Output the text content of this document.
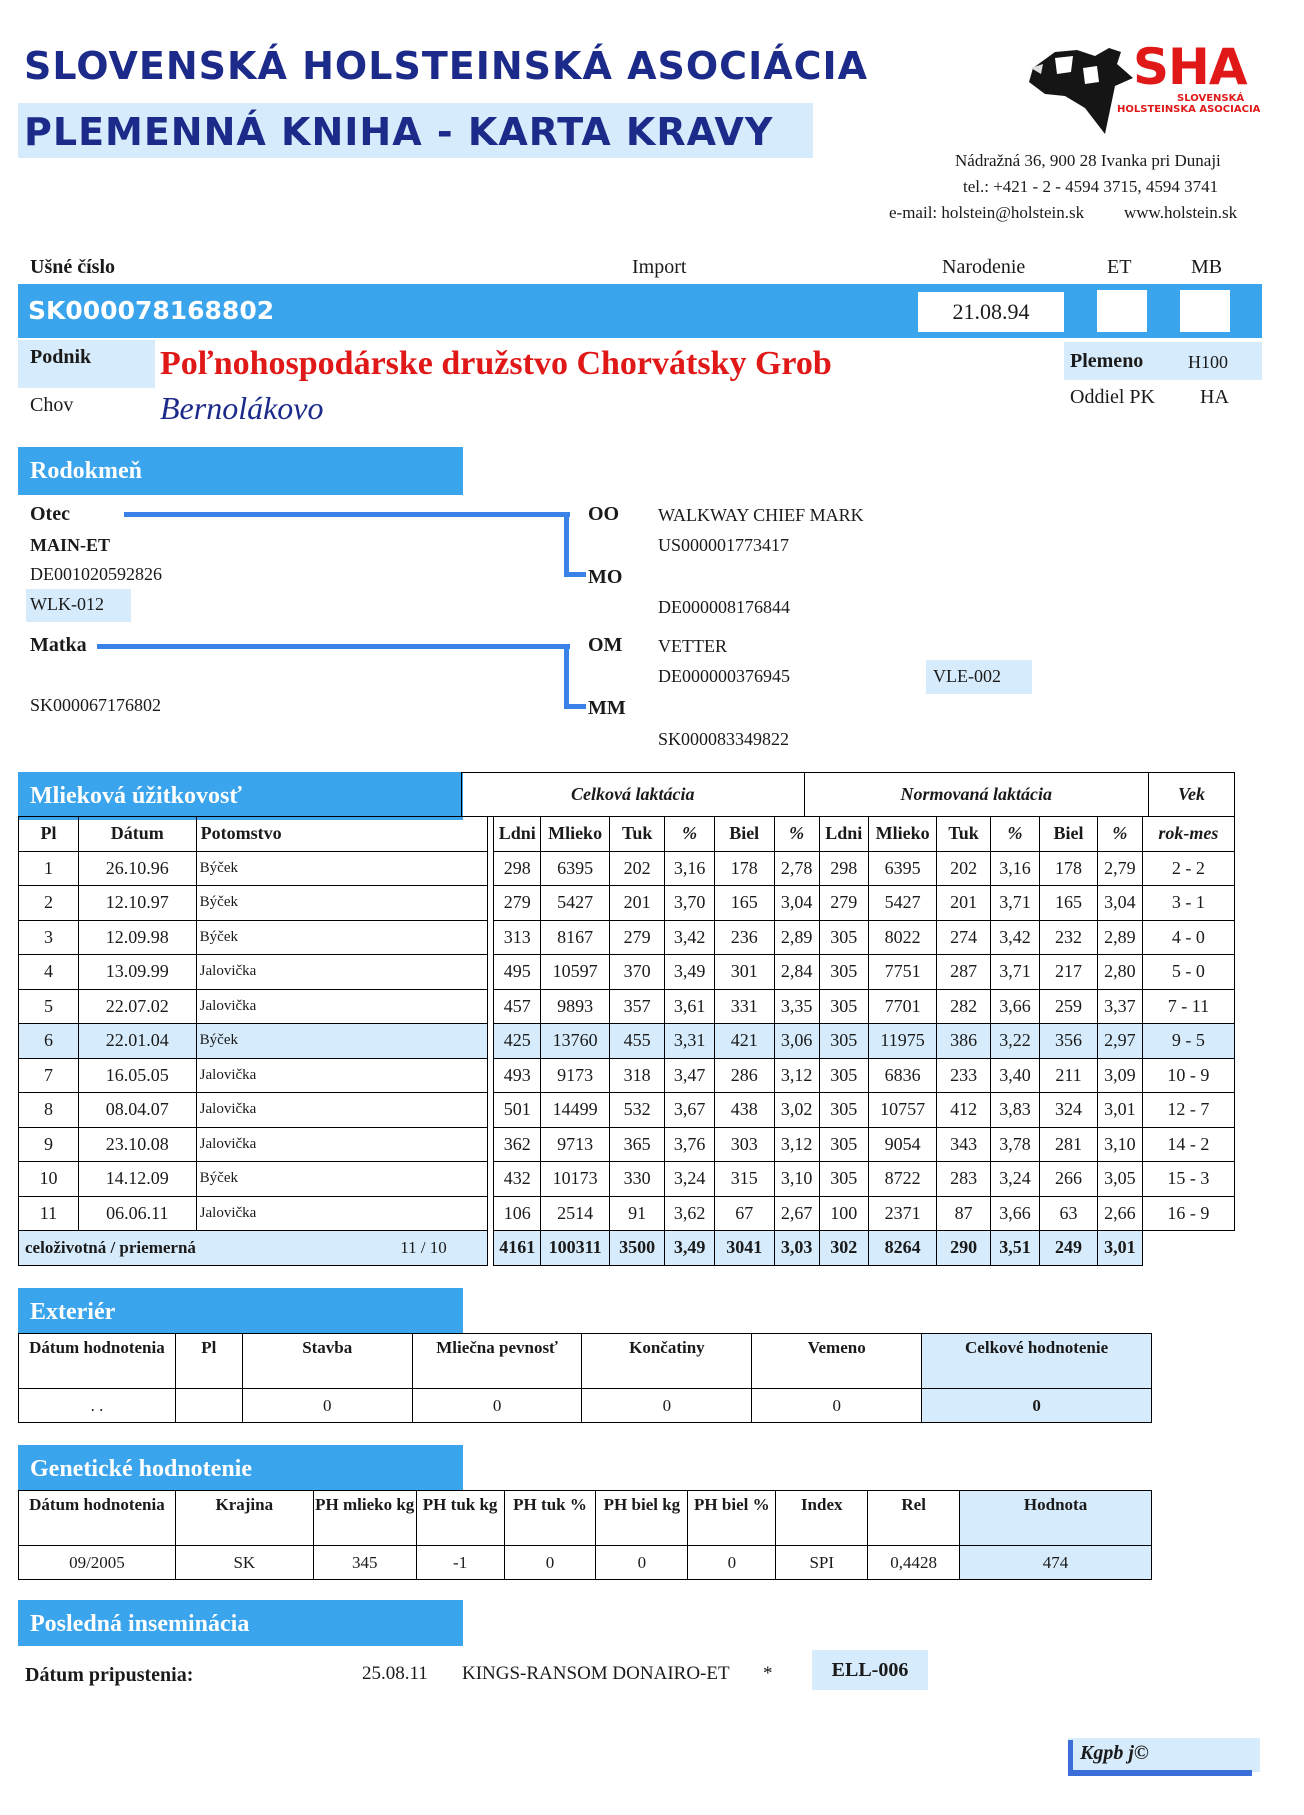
SLOVENSKÁ HOLSTEINSKÁ ASOCIÁCIA
PLEMENNÁ KNIHA - KARTA KRAVY
SHA
SLOVENSKÁ
HOLSTEINSKA ASOCIACIA
Nádražná 36, 900 28 Ivanka pri Dunaji
tel.: +421 - 2 - 4594 3715, 4594 3741
e-mail: holstein@holstein.sk www.holstein.sk
Ušné číslo	Import	Narodenie	ET	MB
SK000078168802	21.08.94
Podnik Poľnohospodárske družstvo Chorvátsky Grob
Chov	Bernolákovo
Plemeno H100
Oddiel PK HA
Rodokmeň
Otec
MAIN-ET
DE001020592826
WLK-012
OO WALKWAY CHIEF MARK
US000001773417
MO
DE000008176844
Matka
SK000067176802
OM VETTER
DE000000376945	VLE-002
MM
SK000083349822
Mlieková úžitkovosť	Celková laktácia	Normovaná laktácia	Vek
Pl	Dátum	Potomstvo		Ldni	Mlieko	Tuk	%	Biel	%	Ldni	Mlieko	Tuk	%	Biel	%	rok-mes
1	26.10.96	Býček		298	6395	202	3,16	178	2,78	298	6395	202	3,16	178	2,79	2 - 2
2	12.10.97	Býček		279	5427	201	3,70	165	3,04	279	5427	201	3,71	165	3,04	3 - 1
3	12.09.98	Býček		313	8167	279	3,42	236	2,89	305	8022	274	3,42	232	2,89	4 - 0
4	13.09.99	Jalovička		495	10597	370	3,49	301	2,84	305	7751	287	3,71	217	2,80	5 - 0
5	22.07.02	Jalovička		457	9893	357	3,61	331	3,35	305	7701	282	3,66	259	3,37	7 - 11
6	22.01.04	Býček		425	13760	455	3,31	421	3,06	305	11975	386	3,22	356	2,97	9 - 5
7	16.05.05	Jalovička		493	9173	318	3,47	286	3,12	305	6836	233	3,40	211	3,09	10 - 9
8	08.04.07	Jalovička		501	14499	532	3,67	438	3,02	305	10757	412	3,83	324	3,01	12 - 7
9	23.10.08	Jalovička		362	9713	365	3,76	303	3,12	305	9054	343	3,78	281	3,10	14 - 2
10	14.12.09	Býček		432	10173	330	3,24	315	3,10	305	8722	283	3,24	266	3,05	15 - 3
11	06.06.11	Jalovička		106	2514	91	3,62	67	2,67	100	2371	87	3,66	63	2,66	16 - 9
celoživotná / priemerná 11 / 10				4161	100311	3500	3,49	3041	3,03	302	8264	290	3,51	249	3,01	
Exteriér
Dátum hodnotenia	Pl	Stavba	Mliečna pevnosť	Končatiny	Vemeno	Celkové hodnotenie
. .		0	0	0	0	0
Genetické hodnotenie
Dátum hodnotenia	Krajina	PH mlieko kg	PH tuk kg	PH tuk %	PH biel kg	PH biel %	Index	Rel	Hodnota
09/2005	SK	345	-1	0	0	0	SPI	0,4428	474
Posledná inseminácia
Dátum pripustenia:	25.08.11 KINGS-RANSOM DONAIRO-ET *	ELL-006
Kgpb j©
